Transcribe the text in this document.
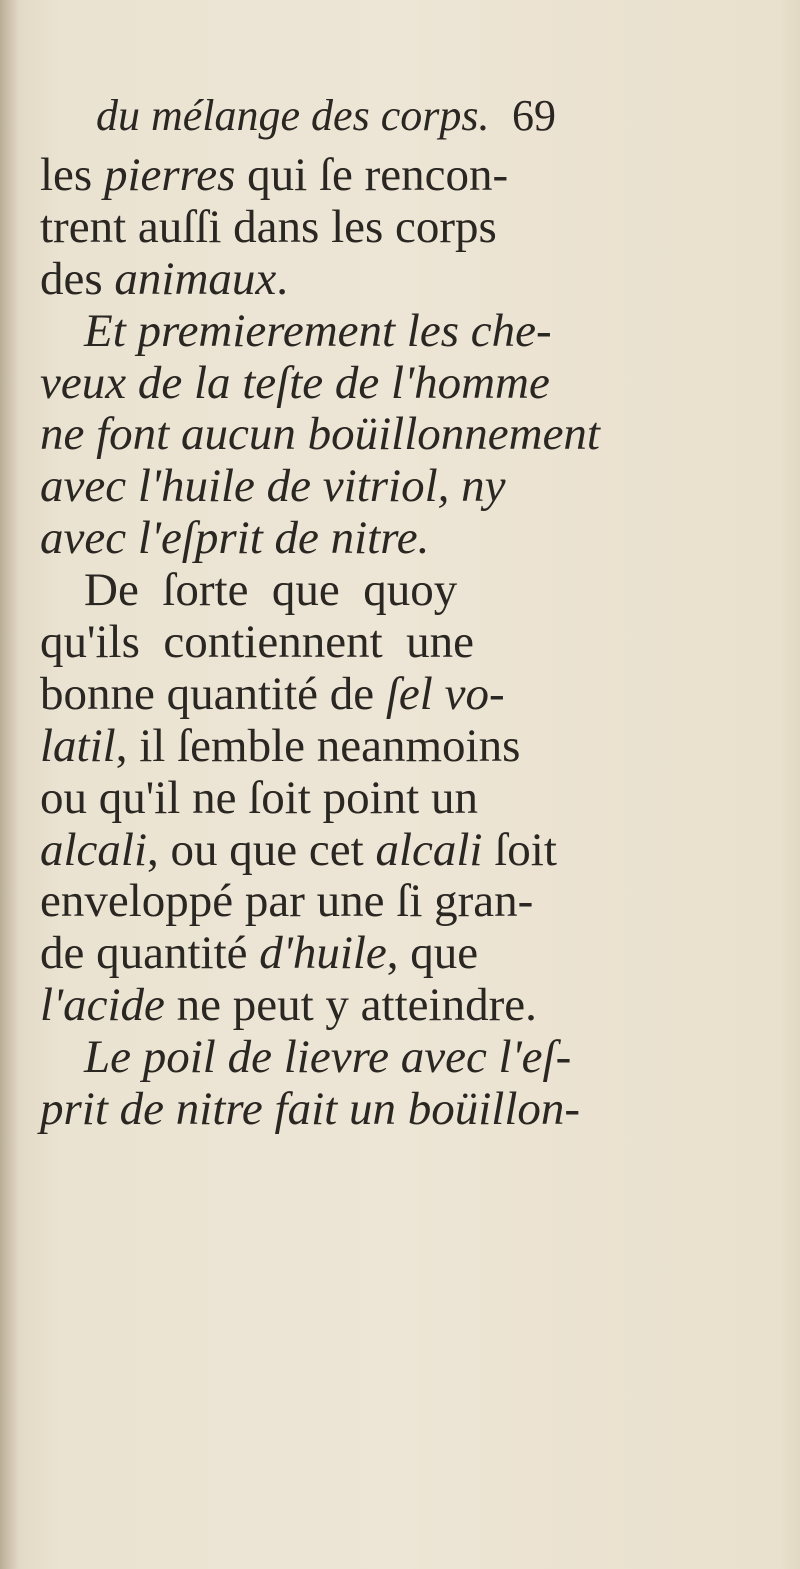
du mélange des corps. 69
les pierres qui ſe rencon-
trent auſſi dans les corps
des animaux.
Et premierement les che-
veux de la teſte de l'homme
ne font aucun boüillonnement
avec l'huile de vitriol, ny
avec l'eſprit de nitre.
De  ſorte  que  quoy
qu'ils  contiennent  une
bonne quantité de ſel vo-
latil, il ſemble neanmoins
ou qu'il ne ſoit point un
alcali, ou que cet alcali ſoit
enveloppé par une ſi gran-
de quantité d'huile, que
l'acide ne peut y atteindre.
Le poil de lievre avec l'eſ-
prit de nitre fait un boüillon-
